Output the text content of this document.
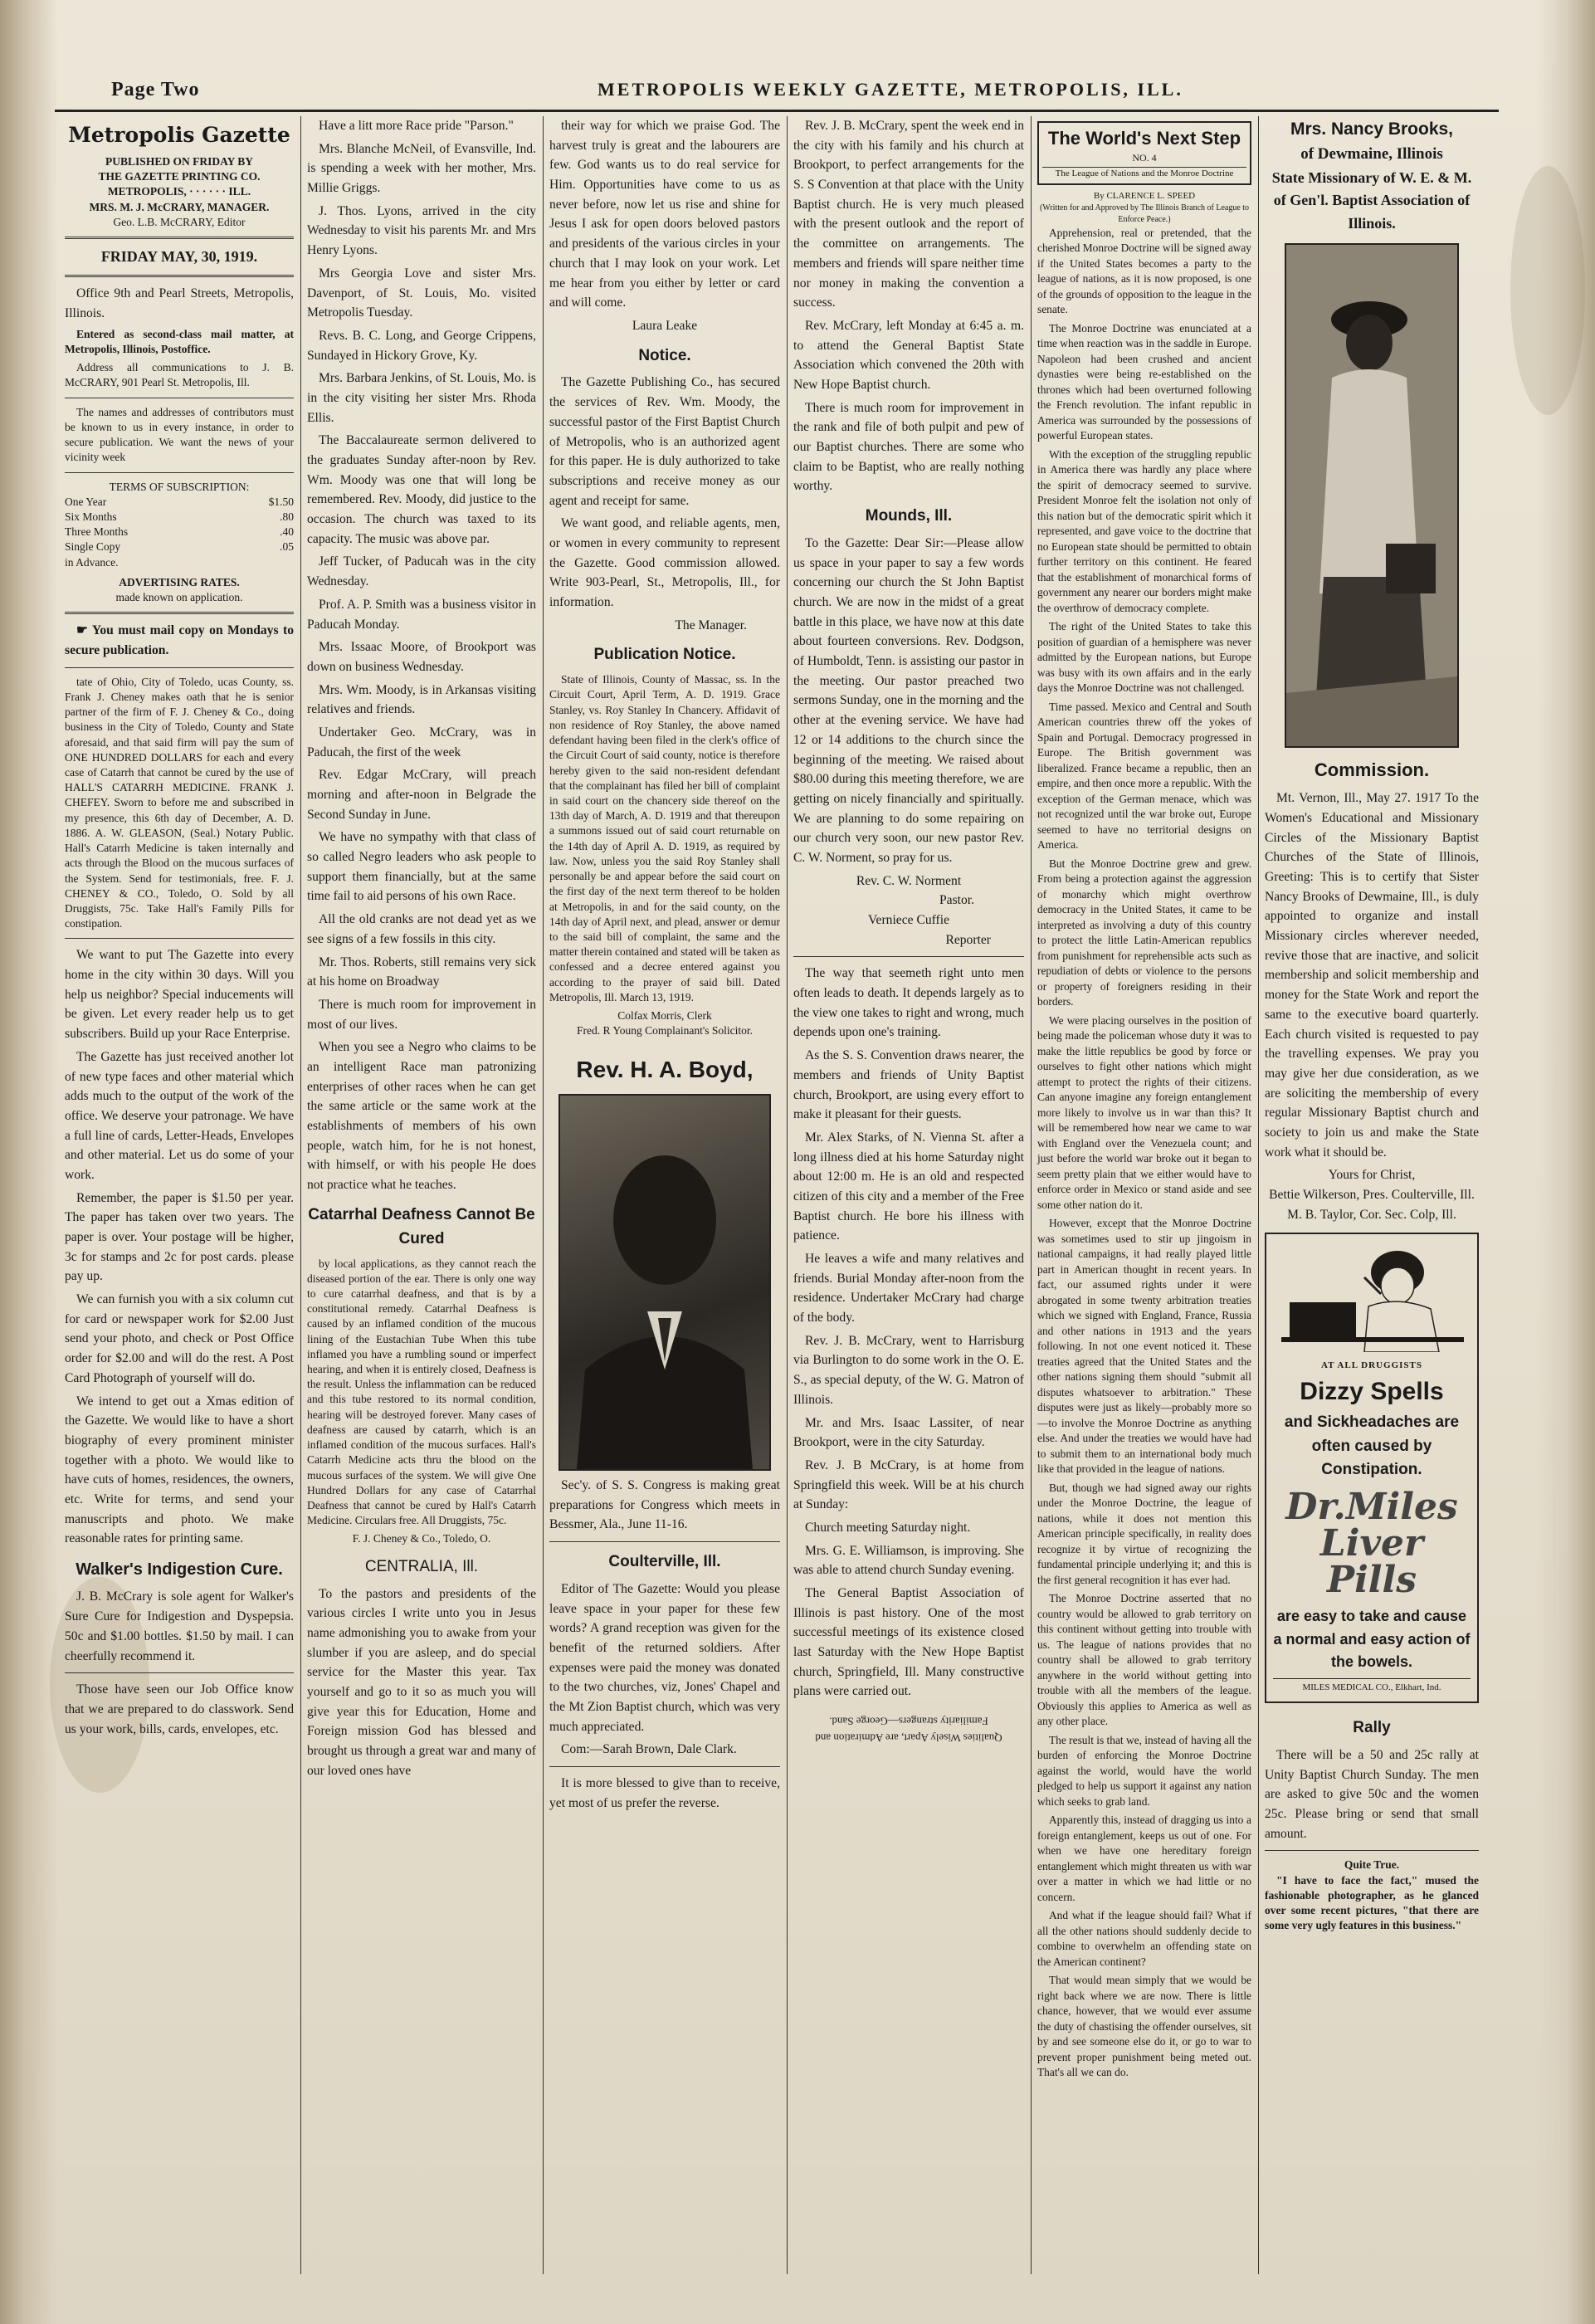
Page Two	METROPOLIS WEEKLY GAZETTE, METROPOLIS, ILL.
Metropolis Gazette
PUBLISHED ON FRIDAY BY
THE GAZETTE PRINTING CO.
METROPOLIS, · · · · · · ILL.
MRS. M. J. McCRARY, MANAGER.
Geo. L.B. McCRARY, Editor
FRIDAY MAY, 30, 1919.

Office 9th and Pearl Streets, Metropolis, Illinois.

Entered as second-class mail matter, at Metropolis, Illinois, Postoffice.

Address all communications to J. B. McCRARY, 901 Pearl St. Metropolis, Ill.

The names and addresses of contributors must be known to us in every instance, in order to secure publication. We want the news of your vicinity week

TERMS OF SUBSCRIPTION:
One Year	$1.50
Six Months	.80
Three Months	.40
Single Copy	.05
in Advance.
ADVERTISING RATES.
made known on application.

☛ You must mail copy on Mondays to secure publication.

tate of Ohio, City of Toledo, ucas County, ss. Frank J. Cheney makes oath that he is senior partner of the firm of F. J. Cheney & Co., doing business in the City of Toledo, County and State aforesaid, and that said firm will pay the sum of ONE HUNDRED DOLLARS for each and every case of Catarrh that cannot be cured by the use of HALL'S CATARRH MEDICINE. FRANK J. CHEFEY. Sworn to before me and subscribed in my presence, this 6th day of December, A. D. 1886. A. W. GLEASON, (Seal.) Notary Public. Hall's Catarrh Medicine is taken internally and acts through the Blood on the mucous surfaces of the System. Send for testimonials, free. F. J. CHENEY & CO., Toledo, O. Sold by all Druggists, 75c. Take Hall's Family Pills for constipation.

We want to put The Gazette into every home in the city within 30 days. Will you help us neighbor? Special inducements will be given. Let every reader help us to get subscribers. Build up your Race Enterprise.

The Gazette has just received another lot of new type faces and other material which adds much to the output of the work of the office. We deserve your patronage. We have a full line of cards, Letter-Heads, Envelopes and other material. Let us do some of your work.

Remember, the paper is $1.50 per year. The paper has taken over two years. The paper is over. Your postage will be higher, 3c for stamps and 2c for post cards. please pay up.

We can furnish you with a six column cut for card or newspaper work for $2.00 Just send your photo, and check or Post Office order for $2.00 and will do the rest. A Post Card Photograph of yourself will do.

We intend to get out a Xmas edition of the Gazette. We would like to have a short biography of every prominent minister together with a photo. We would like to have cuts of homes, residences, the owners, etc. Write for terms, and send your manuscripts and photo. We make reasonable rates for printing same.

Walker's Indigestion Cure.

J. B. McCrary is sole agent for Walker's Sure Cure for Indigestion and Dyspepsia. 50c and $1.00 bottles. $1.50 by mail. I can cheerfully recommend it.

Those have seen our Job Office know that we are prepared to do classwork. Send us your work, bills, cards, envelopes, etc.

Have a litt more Race pride "Parson."

Mrs. Blanche McNeil, of Evansville, Ind. is spending a week with her mother, Mrs. Millie Griggs.

J. Thos. Lyons, arrived in the city Wednesday to visit his parents Mr. and Mrs Henry Lyons.

Mrs Georgia Love and sister Mrs. Davenport, of St. Louis, Mo. visited Metropolis Tuesday.

Revs. B. C. Long, and George Crippens, Sundayed in Hickory Grove, Ky.

Mrs. Barbara Jenkins, of St. Louis, Mo. is in the city visiting her sister Mrs. Rhoda Ellis.

The Baccalaureate sermon delivered to the graduates Sunday after-noon by Rev. Wm. Moody was one that will long be remembered. Rev. Moody, did justice to the occasion. The church was taxed to its capacity. The music was above par.

Jeff Tucker, of Paducah was in the city Wednesday.

Prof. A. P. Smith was a business visitor in Paducah Monday.

Mrs. Issaac Moore, of Brookport was down on business Wednesday.

Mrs. Wm. Moody, is in Arkansas visiting relatives and friends.

Undertaker Geo. McCrary, was in Paducah, the first of the week

Rev. Edgar McCrary, will preach morning and after-noon in Belgrade the Second Sunday in June.

We have no sympathy with that class of so called Negro leaders who ask people to support them financially, but at the same time fail to aid persons of his own Race.

All the old cranks are not dead yet as we see signs of a few fossils in this city.

Mr. Thos. Roberts, still remains very sick at his home on Broadway

There is much room for improvement in most of our lives.

When you see a Negro who claims to be an intelligent Race man patronizing enterprises of other races when he can get the same article or the same work at the establishments of members of his own people, watch him, for he is not honest, with himself, or with his people He does not practice what he teaches.

Catarrhal Deafness Cannot Be Cured

by local applications, as they cannot reach the diseased portion of the ear. There is only one way to cure catarrhal deafness, and that is by a constitutional remedy. Catarrhal Deafness is caused by an inflamed condition of the mucous lining of the Eustachian Tube When this tube inflamed you have a rumbling sound or imperfect hearing, and when it is entirely closed, Deafness is the result. Unless the inflammation can be reduced and this tube restored to its normal condition, hearing will be destroyed forever. Many cases of deafness are caused by catarrh, which is an inflamed condition of the mucous surfaces. Hall's Catarrh Medicine acts thru the blood on the mucous surfaces of the system. We will give One Hundred Dollars for any case of Catarrhal Deafness that cannot be cured by Hall's Catarrh Medicine. Circulars free. All Druggists, 75c.

F. J. Cheney & Co., Toledo, O.
CENTRALIA, Ill.

To the pastors and presidents of the various circles I write unto you in Jesus name admonishing you to awake from your slumber if you are asleep, and do special service for the Master this year. Tax yourself and go to it so as much you will give year this for Education, Home and Foreign mission God has blessed and brought us through a great war and many of our loved ones have

their way for which we praise God. The harvest truly is great and the labourers are few. God wants us to do real service for Him. Opportunities have come to us as never before, now let us rise and shine for Jesus I ask for open doors beloved pastors and presidents of the various circles in your church that I may look on your work. Let me hear from you either by letter or card and will come.

Laura Leake
Notice.

The Gazette Publishing Co., has secured the services of Rev. Wm. Moody, the successful pastor of the First Baptist Church of Metropolis, who is an authorized agent for this paper. He is duly authorized to take subscriptions and receive money as our agent and receipt for same.

We want good, and reliable agents, men, or women in every community to represent the Gazette. Good commission allowed. Write 903-Pearl, St., Metropolis, Ill., for information.

The Manager.
Publication Notice.

State of Illinois, County of Massac, ss. In the Circuit Court, April Term, A. D. 1919. Grace Stanley, vs. Roy Stanley In Chancery. Affidavit of non residence of Roy Stanley, the above named defendant having been filed in the clerk's office of the Circuit Court of said county, notice is therefore hereby given to the said non-resident defendant that the complainant has filed her bill of complaint in said court on the chancery side thereof on the 13th day of March, A. D. 1919 and that thereupon a summons issued out of said court returnable on the 14th day of April A. D. 1919, as required by law. Now, unless you the said Roy Stanley shall personally be and appear before the said court on the first day of the next term thereof to be holden at Metropolis, in and for the said county, on the 14th day of April next, and plead, answer or demur to the said bill of complaint, the same and the matter therein contained and stated will be taken as confessed and a decree entered against you according to the prayer of said bill. Dated Metropolis, Ill. March 13, 1919.

Colfax Morris, Clerk
Fred. R Young Complainant's Solicitor.
Rev. H. A. Boyd,

Sec'y. of S. S. Congress is making great preparations for Congress which meets in Bessmer, Ala., June 11-16.

Coulterville, Ill.

Editor of The Gazette: Would you please leave space in your paper for these few words? A grand reception was given for the benefit of the returned soldiers. After expenses were paid the money was donated to the two churches, viz, Jones' Chapel and the Mt Zion Baptist church, which was very much appreciated.

Com:—Sarah Brown, Dale Clark.

It is more blessed to give than to receive, yet most of us prefer the reverse.

Rev. J. B. McCrary, spent the week end in the city with his family and his church at Brookport, to perfect arrangements for the S. S Convention at that place with the Unity Baptist church. He is very much pleased with the present outlook and the report of the committee on arrangements. The members and friends will spare neither time nor money in making the convention a success.

Rev. McCrary, left Monday at 6:45 a. m. to attend the General Baptist State Association which convened the 20th with New Hope Baptist church.

There is much room for improvement in the rank and file of both pulpit and pew of our Baptist churches. There are some who claim to be Baptist, who are really nothing worthy.

Mounds, Ill.

To the Gazette: Dear Sir:—Please allow us space in your paper to say a few words concerning our church the St John Baptist church. We are now in the midst of a great battle in this place, we have now at this date about fourteen conversions. Rev. Dodgson, of Humboldt, Tenn. is assisting our pastor in the meeting. Our pastor preached two sermons Sunday, one in the morning and the other at the evening service. We have had 12 or 14 additions to the church since the beginning of the meeting. We raised about $80.00 during this meeting therefore, we are getting on nicely financially and spiritually. We are planning to do some repairing on our church very soon, our new pastor Rev. C. W. Norment, so pray for us.

Rev. C. W. Norment
Pastor.
Verniece Cuffie
Reporter

The way that seemeth right unto men often leads to death. It depends largely as to the view one takes to right and wrong, much depends upon one's training.

As the S. S. Convention draws nearer, the members and friends of Unity Baptist church, Brookport, are using every effort to make it pleasant for their guests.

Mr. Alex Starks, of N. Vienna St. after a long illness died at his home Saturday night about 12:00 m. He is an old and respected citizen of this city and a member of the Free Baptist church. He bore his illness with patience.

He leaves a wife and many relatives and friends. Burial Monday after-noon from the residence. Undertaker McCrary had charge of the body.

Rev. J. B. McCrary, went to Harrisburg via Burlington to do some work in the O. E. S., as special deputy, of the W. G. Matron of Illinois.

Mr. and Mrs. Isaac Lassiter, of near Brookport, were in the city Saturday.

Rev. J. B McCrary, is at home from Springfield this week. Will be at his church at Sunday:

Church meeting Saturday night.

Mrs. G. E. Williamson, is improving. She was able to attend church Sunday evening.

The General Baptist Association of Illinois is past history. One of the most successful meetings of its existence closed last Saturday with the New Hope Baptist church, Springfield, Ill. Many constructive plans were carried out.

Qualities Wisely Apart, are Admiration and Familiarity strangers—George Sand.
The World's Next Step
NO. 4
The League of Nations and the Monroe Doctrine
By CLARENCE L. SPEED
(Written for and Approved by The Illinois Branch of League to Enforce Peace.)

Apprehension, real or pretended, that the cherished Monroe Doctrine will be signed away if the United States becomes a party to the league of nations, as it is now proposed, is one of the grounds of opposition to the league in the senate.

The Monroe Doctrine was enunciated at a time when reaction was in the saddle in Europe. Napoleon had been crushed and ancient dynasties were being re-established on the thrones which had been overturned following the French revolution. The infant republic in America was surrounded by the possessions of powerful European states.

With the exception of the struggling republic in America there was hardly any place where the spirit of democracy seemed to survive. President Monroe felt the isolation not only of this nation but of the democratic spirit which it represented, and gave voice to the doctrine that no European state should be permitted to obtain further territory on this continent. He feared that the establishment of monarchical forms of government any nearer our borders might make the overthrow of democracy complete.

The right of the United States to take this position of guardian of a hemisphere was never admitted by the European nations, but Europe was busy with its own affairs and in the early days the Monroe Doctrine was not challenged.

Time passed. Mexico and Central and South American countries threw off the yokes of Spain and Portugal. Democracy progressed in Europe. The British government was liberalized. France became a republic, then an empire, and then once more a republic. With the exception of the German menace, which was not recognized until the war broke out, Europe seemed to have no territorial designs on America.

But the Monroe Doctrine grew and grew. From being a protection against the aggression of monarchy which might overthrow democracy in the United States, it came to be interpreted as involving a duty of this country to protect the little Latin-American republics from punishment for reprehensible acts such as repudiation of debts or violence to the persons or property of foreigners residing in their borders.

We were placing ourselves in the position of being made the policeman whose duty it was to make the little republics be good by force or ourselves to fight other nations which might attempt to protect the rights of their citizens. Can anyone imagine any foreign entanglement more likely to involve us in war than this? It will be remembered how near we came to war with England over the Venezuela count; and just before the world war broke out it began to seem pretty plain that we either would have to enforce order in Mexico or stand aside and see some other nation do it.

However, except that the Monroe Doctrine was sometimes used to stir up jingoism in national campaigns, it had really played little part in American thought in recent years. In fact, our assumed rights under it were abrogated in some twenty arbitration treaties which we signed with England, France, Russia and other nations in 1913 and the years following. In not one event noticed it. These treaties agreed that the United States and the other nations signing them should "submit all disputes whatsoever to arbitration." These disputes were just as likely—probably more so—to involve the Monroe Doctrine as anything else. And under the treaties we would have had to submit them to an international body much like that provided in the league of nations.

But, though we had signed away our rights under the Monroe Doctrine, the league of nations, while it does not mention this American principle specifically, in reality does recognize it by virtue of recognizing the fundamental principle underlying it; and this is the first general recognition it has ever had.

The Monroe Doctrine asserted that no country would be allowed to grab territory on this continent without getting into trouble with us. The league of nations provides that no country shall be allowed to grab territory anywhere in the world without getting into trouble with all the members of the league. Obviously this applies to America as well as any other place.

The result is that we, instead of having all the burden of enforcing the Monroe Doctrine against the world, would have the world pledged to help us support it against any nation which seeks to grab land.

Apparently this, instead of dragging us into a foreign entanglement, keeps us out of one. For when we have one hereditary foreign entanglement which might threaten us with war over a matter in which we had little or no concern.

And what if the league should fail? What if all the other nations should suddenly decide to combine to overwhelm an offending state on the American continent?

That would mean simply that we would be right back where we are now. There is little chance, however, that we would ever assume the duty of chastising the offender ourselves, sit by and see someone else do it, or go to war to prevent proper punishment being meted out. That's all we can do.

Mrs. Nancy Brooks,
of Dewmaine, Illinois
State Missionary of W. E. & M. of Gen'l. Baptist Association of Illinois.
Commission.

Mt. Vernon, Ill., May 27. 1917 To the Women's Educational and Missionary Circles of the Missionary Baptist Churches of the State of Illinois, Greeting: This is to certify that Sister Nancy Brooks of Dewmaine, Ill., is duly appointed to organize and install Missionary circles wherever needed, revive those that are inactive, and solicit membership and solicit membership and money for the State Work and report the same to the executive board quarterly. Each church visited is requested to pay the travelling expenses. We pray you may give her due consideration, as we are soliciting the membership of every regular Missionary Baptist church and society to join us and make the State work what it should be.

Yours for Christ,
Bettie Wilkerson, Pres. Coulterville, Ill.
M. B. Taylor, Cor. Sec. Colp, Ill.
AT ALL DRUGGISTS
Dizzy Spells
and Sickheadaches are often caused by Constipation.
Dr.Miles
Liver Pills
are easy to take and cause a normal and easy action of the bowels.
MILES MEDICAL CO., Elkhart, Ind.
Rally

There will be a 50 and 25c rally at Unity Baptist Church Sunday. The men are asked to give 50c and the women 25c. Please bring or send that small amount.

Quite True.

"I have to face the fact," mused the fashionable photographer, as he glanced over some recent pictures, "that there are some very ugly features in this business."
